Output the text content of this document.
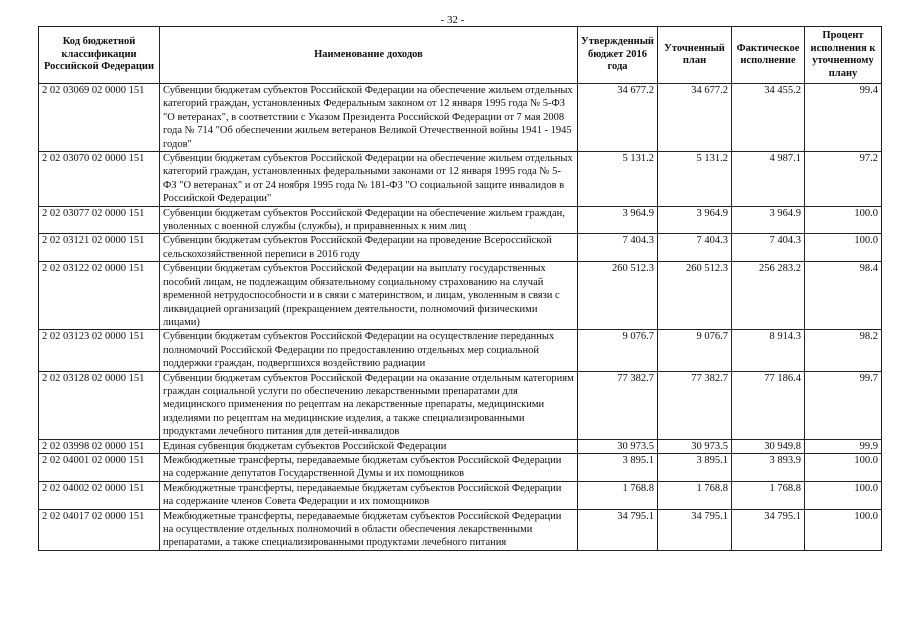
- 32 -
Код бюджетной классификации Российской Федерации	Наименование доходов	Утвержденный бюджет 2016 года	Уточненный план	Фактическое исполнение	Процент исполнения к уточненному плану
2 02 03069 02 0000 151	Субвенции бюджетам субъектов Российской Федерации на обеспечение жильем отдельных категорий граждан, установленных Федеральным законом от 12 января 1995 года № 5-ФЗ "О ветеранах", в соответствии с Указом Президента Российской Федерации от 7 мая 2008 года № 714 "Об обеспечении жильем ветеранов Великой Отечественной войны 1941 - 1945 годов"	34 677.2	34 677.2	34 455.2	99.4
2 02 03070 02 0000 151	Субвенции бюджетам субъектов Российской Федерации на обеспечение жильем отдельных категорий граждан, установленных федеральными законами от 12 января 1995 года № 5-ФЗ "О ветеранах" и от 24 ноября 1995 года № 181-ФЗ "О социальной защите инвалидов в Российской Федерации"	5 131.2	5 131.2	4 987.1	97.2
2 02 03077 02 0000 151	Субвенции бюджетам субъектов Российской Федерации на обеспечение жильем граждан, уволенных с военной службы (службы), и приравненных к ним лиц	3 964.9	3 964.9	3 964.9	100.0
2 02 03121 02 0000 151	Субвенции бюджетам субъектов Российской Федерации на проведение Всероссийской сельскохозяйственной переписи в 2016 году	7 404.3	7 404.3	7 404.3	100.0
2 02 03122 02 0000 151	Субвенции бюджетам субъектов Российской Федерации на выплату государственных пособий лицам, не подлежащим обязательному социальному страхованию на случай временной нетрудоспособности и в связи с материнством, и лицам, уволенным в связи с ликвидацией организаций (прекращением деятельности, полномочий физическими лицами)	260 512.3	260 512.3	256 283.2	98.4
2 02 03123 02 0000 151	Субвенции бюджетам субъектов Российской Федерации на осуществление переданных полномочий Российской Федерации по предоставлению отдельных мер социальной поддержки граждан, подвергшихся воздействию радиации	9 076.7	9 076.7	8 914.3	98.2
2 02 03128 02 0000 151	Субвенции бюджетам субъектов Российской Федерации на оказание отдельным категориям граждан социальной услуги по обеспечению лекарственными препаратами для медицинского применения по рецептам на лекарственные препараты, медицинскими изделиями по рецептам на медицинские изделия, а также специализированными продуктами лечебного питания для детей-инвалидов	77 382.7	77 382.7	77 186.4	99.7
2 02 03998 02 0000 151	Единая субвенция бюджетам субъектов Российской Федерации	30 973.5	30 973.5	30 949.8	99.9
2 02 04001 02 0000 151	Межбюджетные трансферты, передаваемые бюджетам субъектов Российской Федерации на содержание депутатов Государственной Думы и их помощников	3 895.1	3 895.1	3 893.9	100.0
2 02 04002 02 0000 151	Межбюджетные трансферты, передаваемые бюджетам субъектов Российской Федерации на содержание членов Совета Федерации и их помощников	1 768.8	1 768.8	1 768.8	100.0
2 02 04017 02 0000 151	Межбюджетные трансферты, передаваемые бюджетам субъектов Российской Федерации на осуществление отдельных полномочий в области обеспечения лекарственными препаратами, а также специализированными продуктами лечебного питания	34 795.1	34 795.1	34 795.1	100.0
